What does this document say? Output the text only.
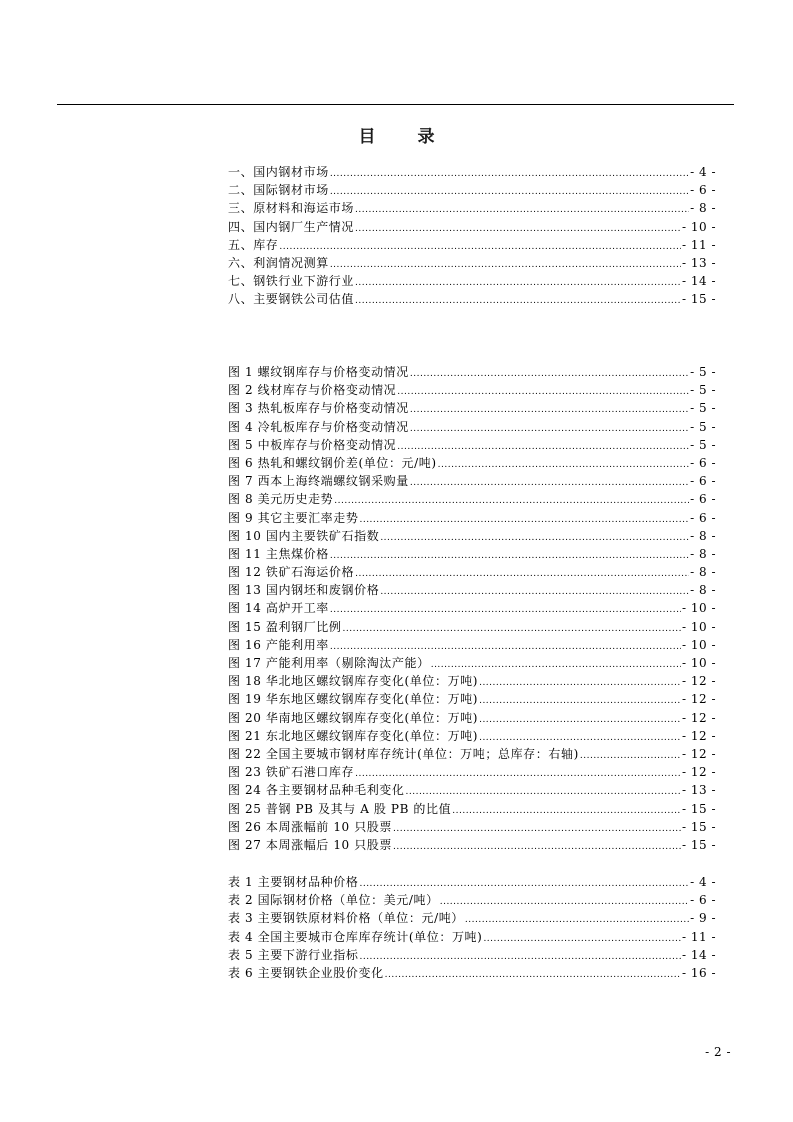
目 录
一、国内钢材市场 .....	- 4 -
二、国际钢材市场 .....	- 6 -
三、原材料和海运市场 .....	- 8 -
四、国内钢厂生产情况 .....	- 10 -
五、库存 .....	- 11 -
六、利润情况测算 .....	- 13 -
七、钢铁行业下游行业 .....	- 14 -
八、主要钢铁公司估值 .....	- 15 -
图 1 螺纹钢库存与价格变动情况 .....	- 5 -
图 2 线材库存与价格变动情况 .....	- 5 -
图 3 热轧板库存与价格变动情况 .....	- 5 -
图 4 冷轧板库存与价格变动情况 .....	- 5 -
图 5 中板库存与价格变动情况 .....	- 5 -
图 6 热轧和螺纹钢价差(单位：元/吨) .....	- 6 -
图 7 西本上海终端螺纹钢采购量 .....	- 6 -
图 8 美元历史走势 .....	- 6 -
图 9 其它主要汇率走势 .....	- 6 -
图 10 国内主要铁矿石指数 .....	- 8 -
图 11 主焦煤价格 .....	- 8 -
图 12 铁矿石海运价格 .....	- 8 -
图 13 国内钢坯和废钢价格 .....	- 8 -
图 14 高炉开工率 .....	- 10 -
图 15 盈利钢厂比例 .....	- 10 -
图 16 产能利用率 .....	- 10 -
图 17 产能利用率（剔除淘汰产能） .....	- 10 -
图 18 华北地区螺纹钢库存变化(单位：万吨) .....	- 12 -
图 19 华东地区螺纹钢库存变化(单位：万吨) .....	- 12 -
图 20 华南地区螺纹钢库存变化(单位：万吨) .....	- 12 -
图 21 东北地区螺纹钢库存变化(单位：万吨) .....	- 12 -
图 22 全国主要城市钢材库存统计(单位：万吨；总库存：右轴) .....	- 12 -
图 23 铁矿石港口库存 .....	- 12 -
图 24 各主要钢材品种毛利变化 .....	- 13 -
图 25 普钢 PB 及其与 A 股 PB 的比值 .....	- 15 -
图 26 本周涨幅前 10 只股票 .....	- 15 -
图 27 本周涨幅后 10 只股票 .....	- 15 -
表 1 主要钢材品种价格 .....	- 4 -
表 2 国际钢材价格（单位：美元/吨） .....	- 6 -
表 3 主要钢铁原材料价格（单位：元/吨） .....	- 9 -
表 4 全国主要城市仓库库存统计(单位：万吨) .....	- 11 -
表 5 主要下游行业指标 .....	- 14 -
表 6 主要钢铁企业股价变化 .....	- 16 -
- 2 -
